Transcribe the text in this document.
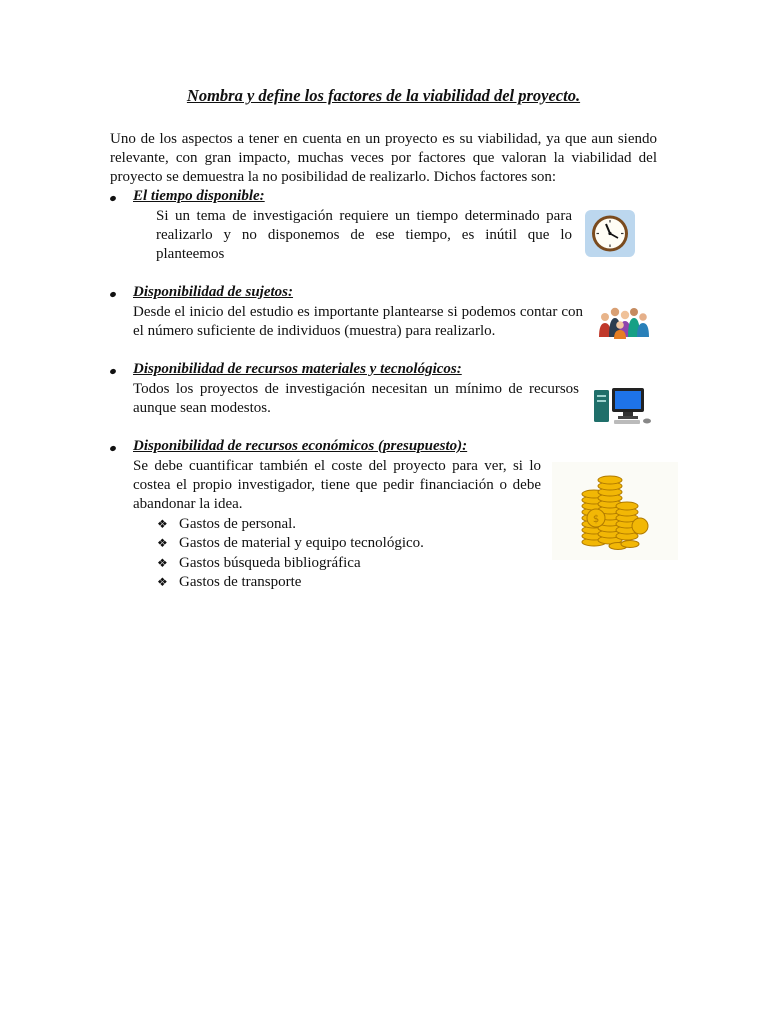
Nombra y define los factores de la viabilidad del proyecto.
Uno de los aspectos a tener en cuenta en un proyecto es su viabilidad, ya que aun siendo relevante, con gran impacto, muchas veces por factores que valoran la viabilidad del proyecto se demuestra la no posibilidad de realizarlo. Dichos factores son:
El tiempo disponible:
Si un tema de investigación requiere un tiempo determinado para realizarlo y no disponemos de ese tiempo, es inútil que lo planteemos
Disponibilidad de sujetos:
Desde el inicio del estudio es importante plantearse si podemos contar con el número suficiente de individuos (muestra) para realizarlo.
Disponibilidad de recursos materiales y tecnológicos:
Todos los proyectos de investigación necesitan un mínimo de recursos aunque sean modestos.
Disponibilidad de recursos económicos (presupuesto):
Se debe cuantificar también el coste del proyecto para ver, si lo costea el propio investigador, tiene que pedir financiación o debe abandonar la idea.
❖ Gastos de personal.
❖ Gastos de material y equipo tecnológico.
❖ Gastos búsqueda bibliográfica
❖ Gastos de transporte
$
